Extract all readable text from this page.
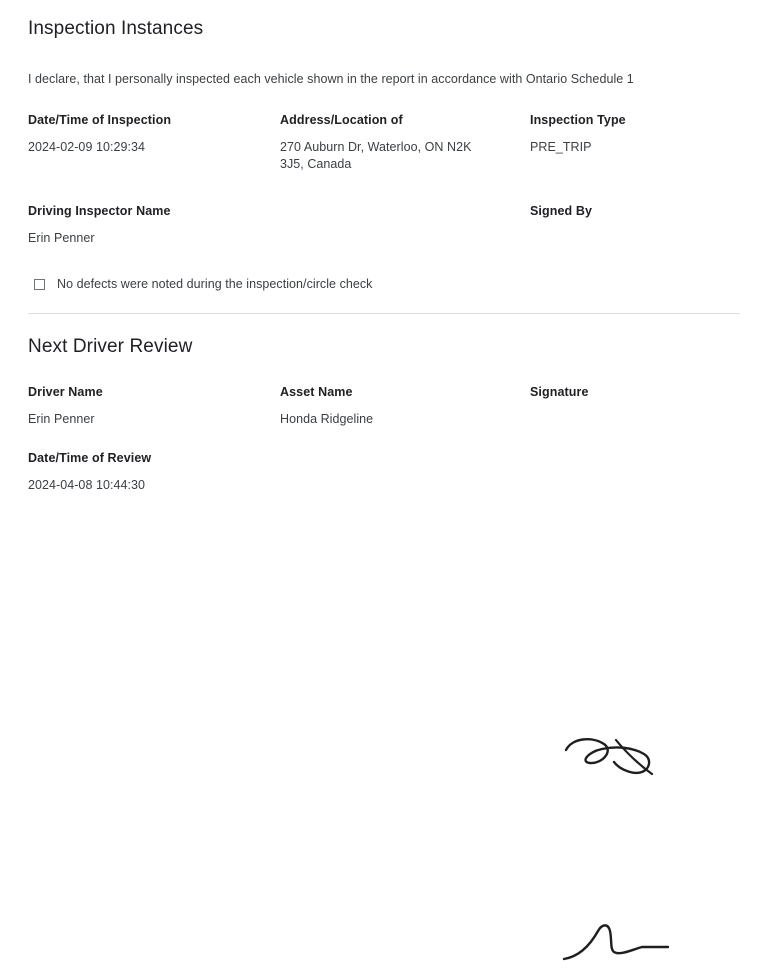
Inspection Instances
I declare, that I personally inspected each vehicle shown in the report in accordance with Ontario Schedule 1
Date/Time of Inspection
2024-02-09 10:29:34
Address/Location of
270 Auburn Dr, Waterloo, ON N2K 3J5, Canada
Inspection Type
PRE_TRIP
Driving Inspector Name
Erin Penner
Signed By
No defects were noted during the inspection/circle check
Next Driver Review
Driver Name
Erin Penner
Asset Name
Honda Ridgeline
Signature
Date/Time of Review
2024-04-08 10:44:30
